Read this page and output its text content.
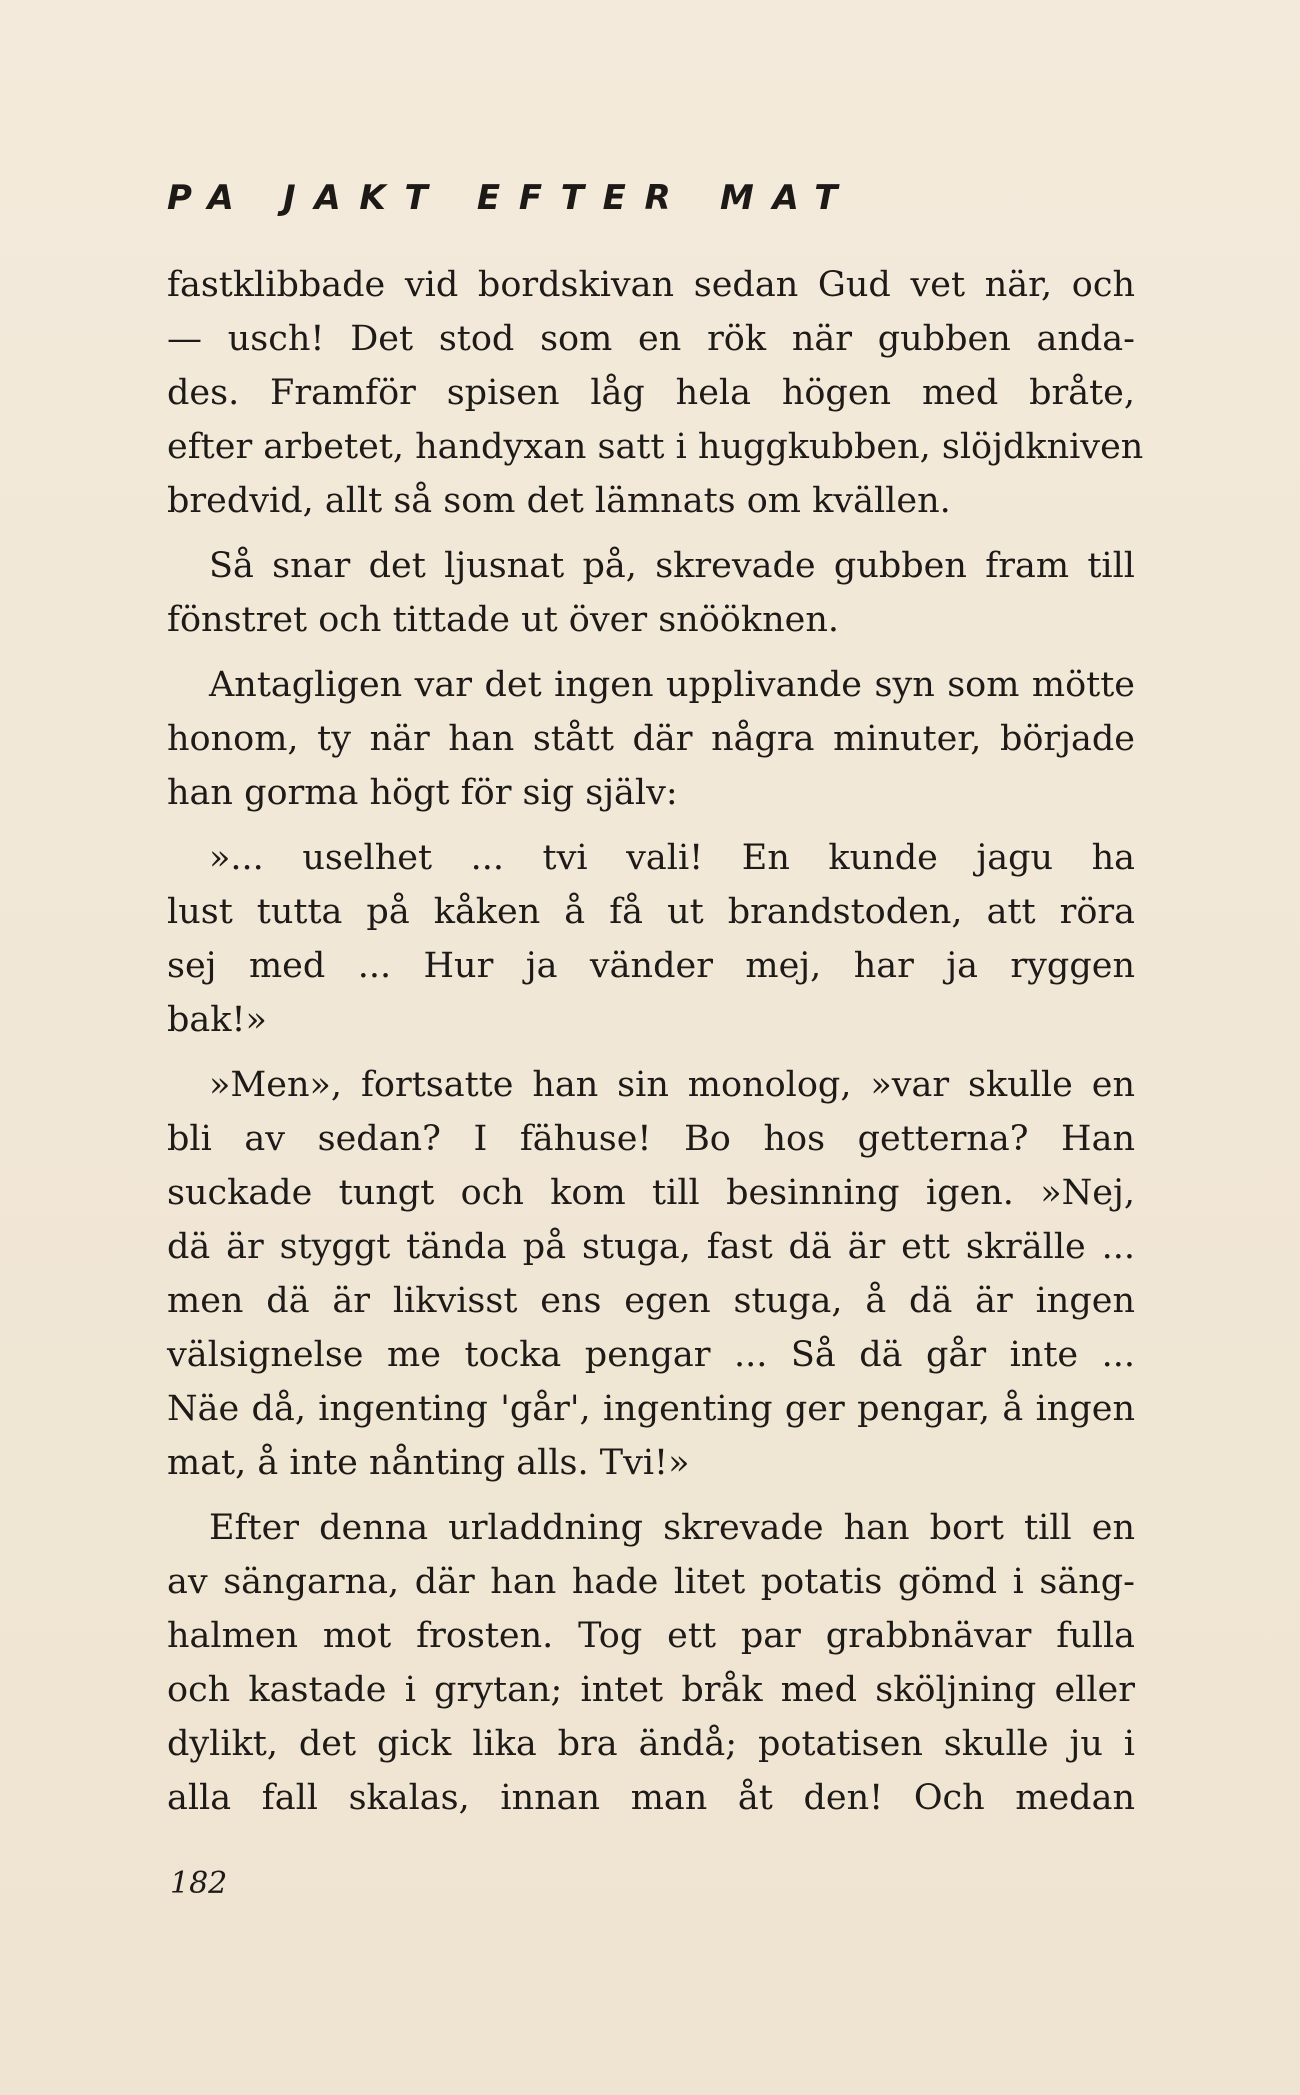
PA JAKT EFTER MAT
fastklibbade vid bordskivan sedan Gud vet när, och
— usch! Det stod som en rök när gubben anda-
des. Framför spisen låg hela högen med bråte,
efter arbetet, handyxan satt i huggkubben, slöjdkniven
bredvid, allt så som det lämnats om kvällen.
Så snar det ljusnat på, skrevade gubben fram till
fönstret och tittade ut över snööknen.
Antagligen var det ingen upplivande syn som mötte
honom, ty när han stått där några minuter, började
han gorma högt för sig själv:
»... uselhet ... tvi vali! En kunde jagu ha
lust tutta på kåken å få ut brandstoden, att röra
sej med ... Hur ja vänder mej, har ja ryggen
bak!»
»Men», fortsatte han sin monolog, »var skulle en
bli av sedan? I fähuse! Bo hos getterna? Han
suckade tungt och kom till besinning igen. »Nej,
dä är styggt tända på stuga, fast dä är ett skrälle ...
men dä är likvisst ens egen stuga, å dä är ingen
välsignelse me tocka pengar ... Så dä går inte ...
Näe då, ingenting 'går', ingenting ger pengar, å ingen
mat, å inte nånting alls. Tvi!»
Efter denna urladdning skrevade han bort till en
av sängarna, där han hade litet potatis gömd i säng-
halmen mot frosten. Tog ett par grabbnävar fulla
och kastade i grytan; intet bråk med sköljning eller
dylikt, det gick lika bra ändå; potatisen skulle ju i
alla fall skalas, innan man åt den! Och medan
182
